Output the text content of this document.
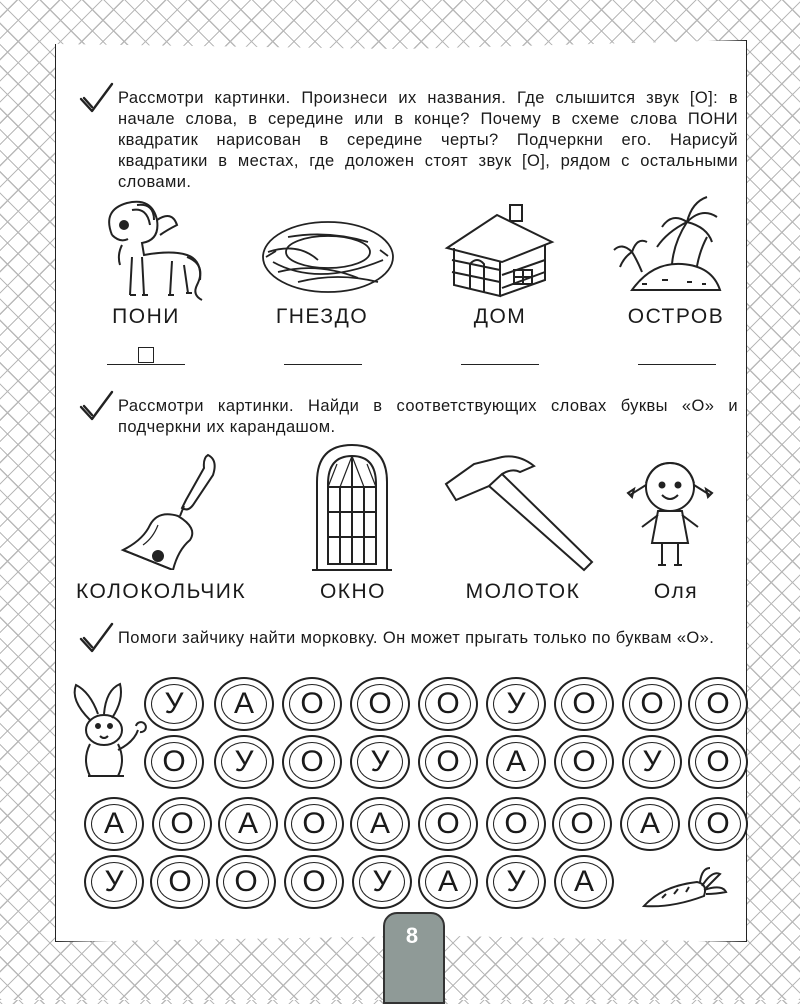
Рассмотри картинки. Произнеси их названия. Где слышится звук [О]: в начале слова, в середине или в конце? Почему в схеме слова ПОНИ квадратик нарисован в середине черты? Подчеркни его. Нарисуй квадратики в местах, где доложен стоят звук [О], рядом с остальными словами.
ПОНИ	ГНЕЗДО	ДОМ	ОСТРОВ
Рассмотри картинки. Найди в соответствующих словах буквы «О» и подчеркни их карандашом.
КОЛОКОЛЬЧИК	ОКНО	МОЛОТОК	Оля
Помоги зайчику найти морковку. Он может прыгать только по буквам «О».
У	А	О	О	О	У	О	О	О
О	У	О	У	О	А	О	У	О
А	О	А	О	А	О	О	О	А	О
У	О	О	О	У	А	У	А
8
